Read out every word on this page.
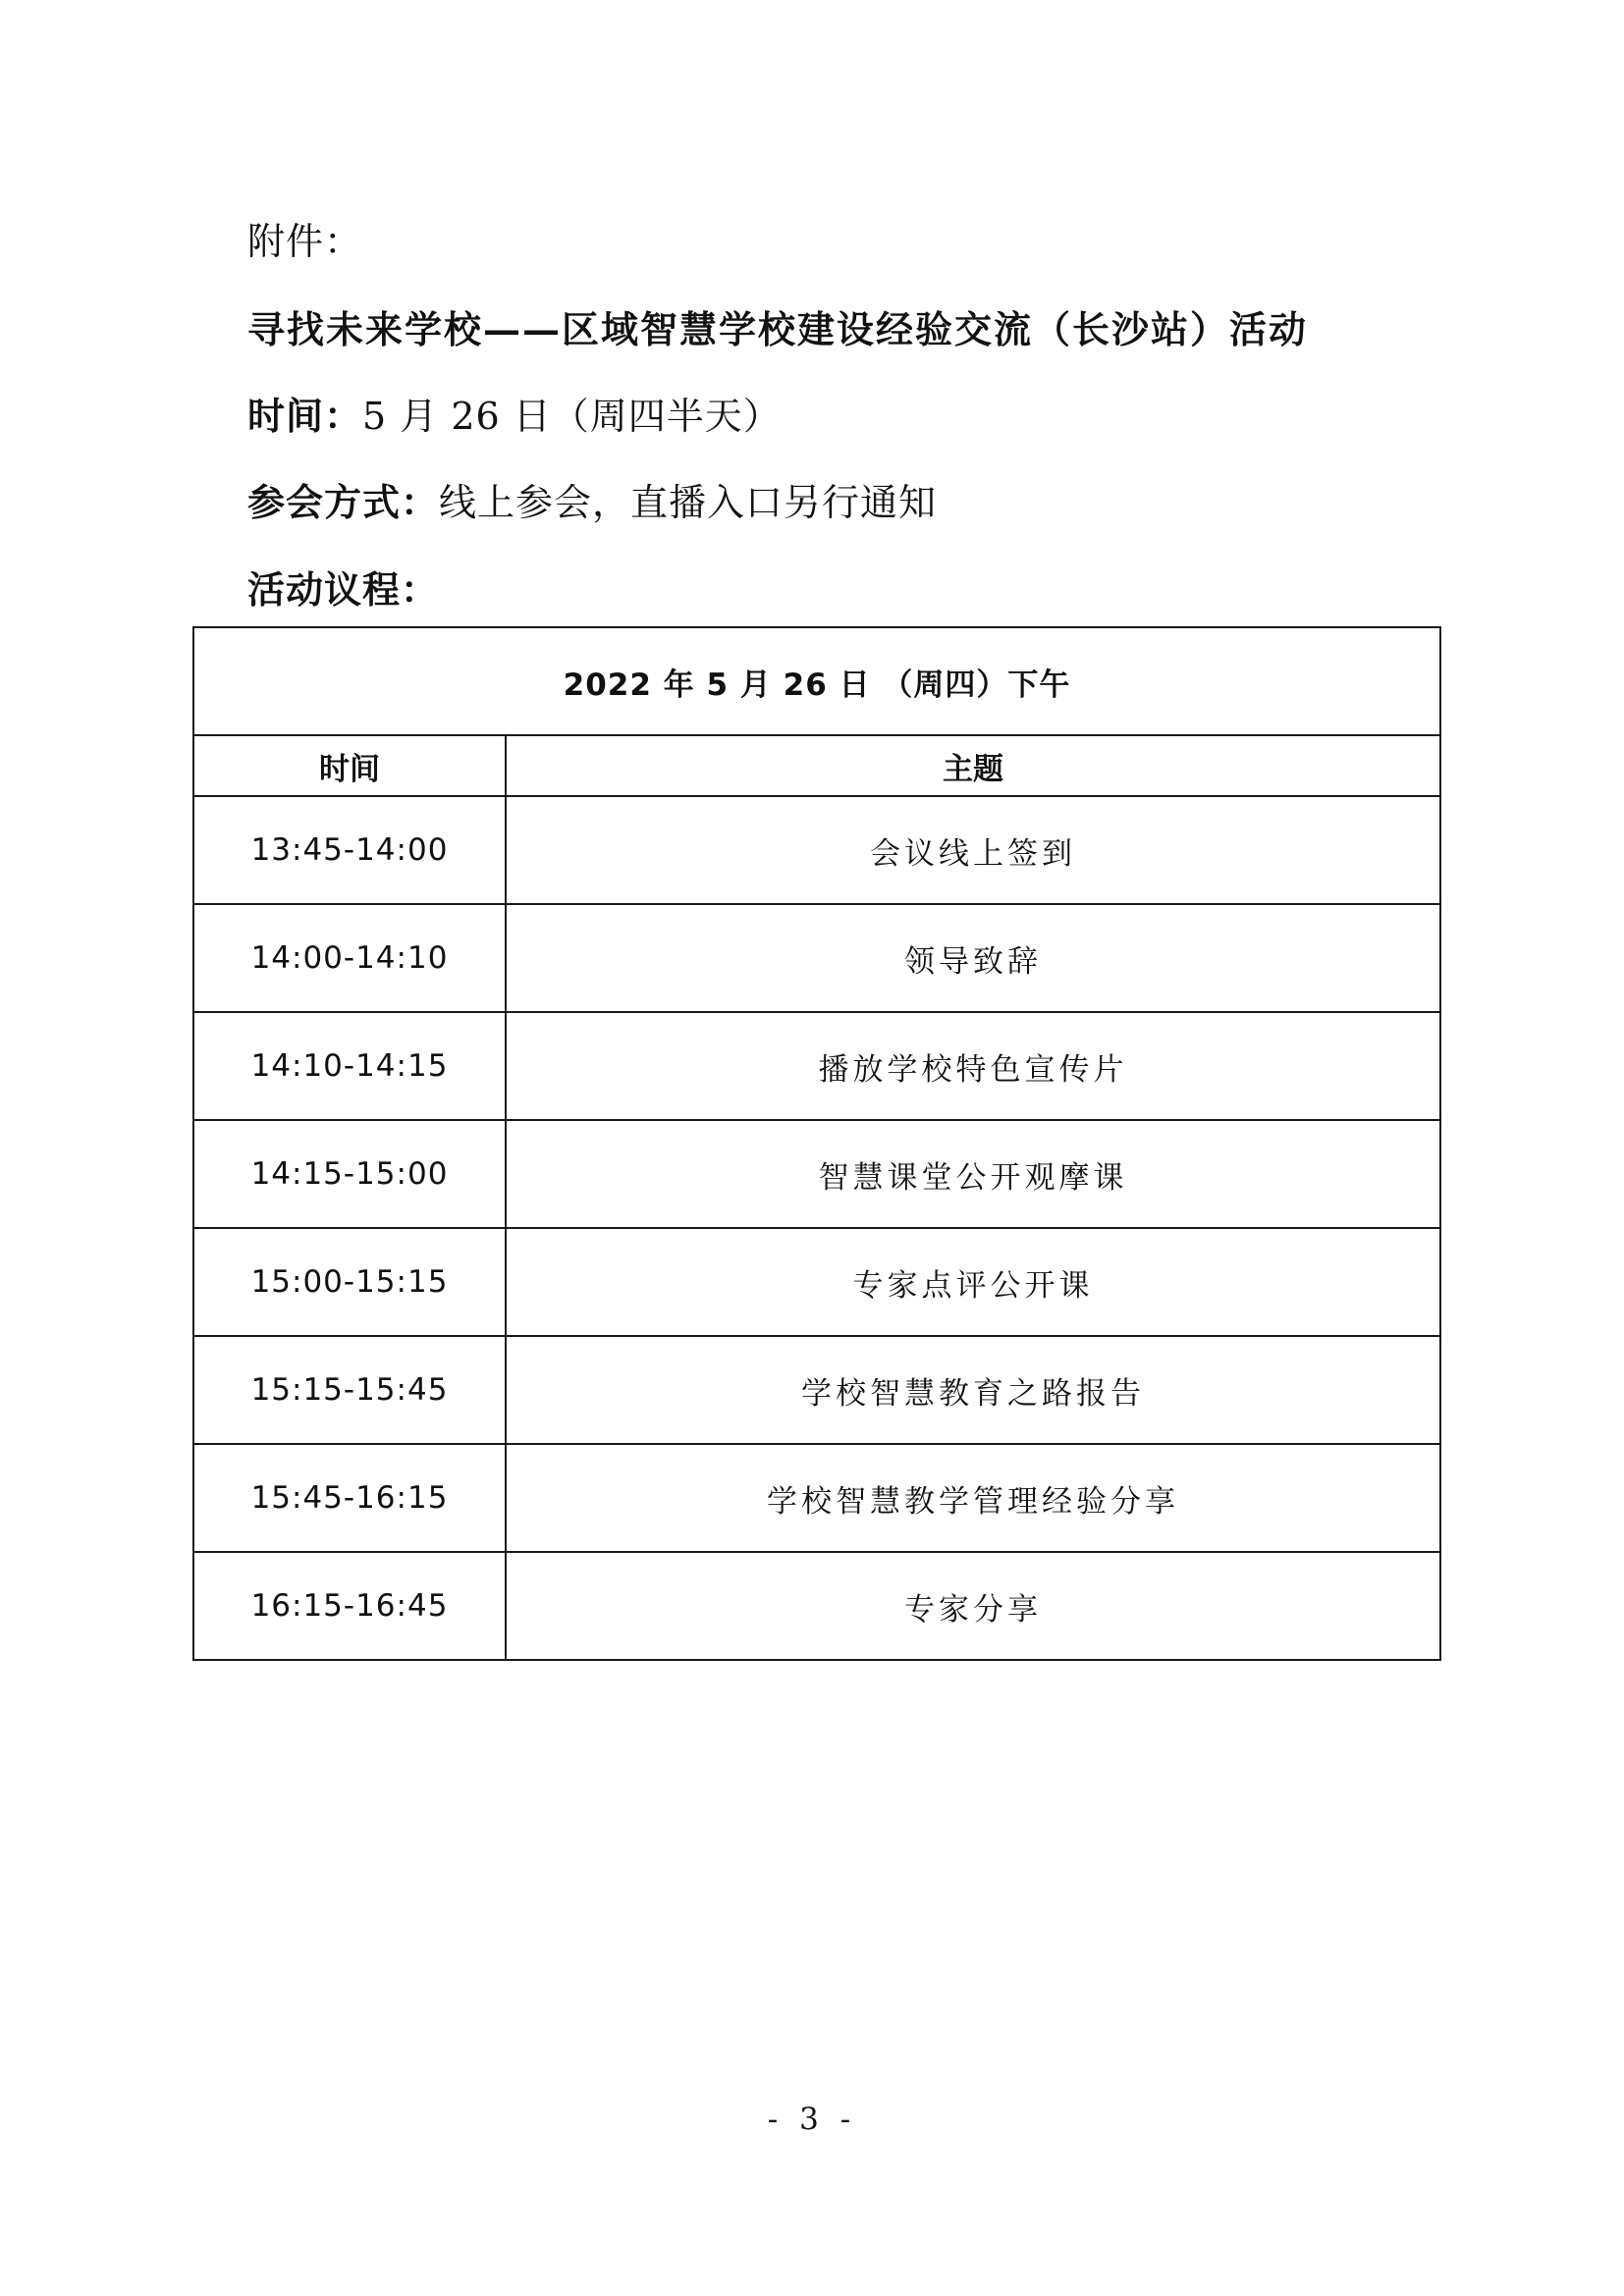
附件：
寻找未来学校——区域智慧学校建设经验交流（长沙站）活动
时间：5 月 26 日（周四半天）
参会方式：线上参会，直播入口另行通知
活动议程：
2022 年 5 月 26 日 （周四）下午	
时间	主题
13:45-14:00	会议线上签到
14:00-14:10	领导致辞
14:10-14:15	播放学校特色宣传片
14:15-15:00	智慧课堂公开观摩课
15:00-15:15	专家点评公开课
15:15-15:45	学校智慧教育之路报告
15:45-16:15	学校智慧教学管理经验分享
16:15-16:45	专家分享
- 3 -
